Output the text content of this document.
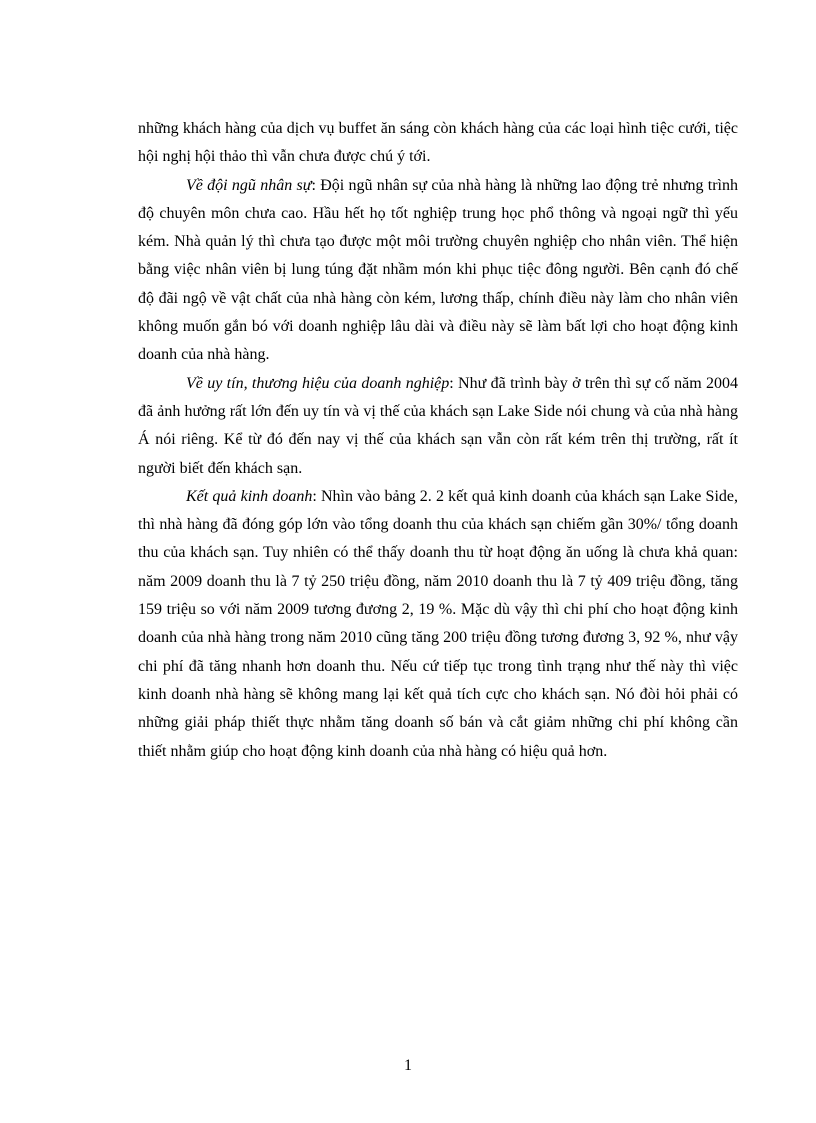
những khách hàng của dịch vụ buffet ăn sáng còn khách hàng của các loại hình tiệc cưới, tiệc hội nghị hội thảo thì vẫn chưa được chú ý tới.

Về đội ngũ nhân sự: Đội ngũ nhân sự của nhà hàng là những lao động trẻ nhưng trình độ chuyên môn chưa cao. Hầu hết họ tốt nghiệp trung học phổ thông và ngoại ngữ thì yếu kém. Nhà quản lý thì chưa tạo được một môi trường chuyên nghiệp cho nhân viên. Thể hiện bằng việc nhân viên bị lung túng đặt nhầm món khi phục tiệc đông người. Bên cạnh đó chế độ đãi ngộ về vật chất của nhà hàng còn kém, lương thấp, chính điều này làm cho nhân viên không muốn gắn bó với doanh nghiệp lâu dài và điều này sẽ làm bất lợi cho hoạt động kinh doanh của nhà hàng.

Về uy tín, thương hiệu của doanh nghiệp: Như đã trình bày ở trên thì sự cố năm 2004 đã ảnh hưởng rất lớn đến uy tín và vị thế của khách sạn Lake Side nói chung và của nhà hàng Á nói riêng. Kể từ đó đến nay vị thế của khách sạn vẫn còn rất kém trên thị trường, rất ít người biết đến khách sạn.

Kết quả kinh doanh: Nhìn vào bảng 2. 2 kết quả kinh doanh của khách sạn Lake Side, thì nhà hàng đã đóng góp lớn vào tổng doanh thu của khách sạn chiếm gần 30%/ tổng doanh thu của khách sạn. Tuy nhiên có thể thấy doanh thu từ hoạt động ăn uống là chưa khả quan: năm 2009 doanh thu là 7 tỷ 250 triệu đồng, năm 2010 doanh thu là 7 tỷ 409 triệu đồng, tăng 159 triệu so với năm 2009 tương đương 2, 19 %. Mặc dù vậy thì chi phí cho hoạt động kinh doanh của nhà hàng trong năm 2010 cũng tăng 200 triệu đồng tương đương 3, 92 %, như vậy chi phí đã tăng nhanh hơn doanh thu. Nếu cứ tiếp tục trong tình trạng như thế này thì việc kinh doanh nhà hàng sẽ không mang lại kết quả tích cực cho khách sạn. Nó đòi hỏi phải có những giải pháp thiết thực nhằm tăng doanh số bán và cắt giảm những chi phí không cần thiết nhằm giúp cho hoạt động kinh doanh của nhà hàng có hiệu quả hơn.

1
